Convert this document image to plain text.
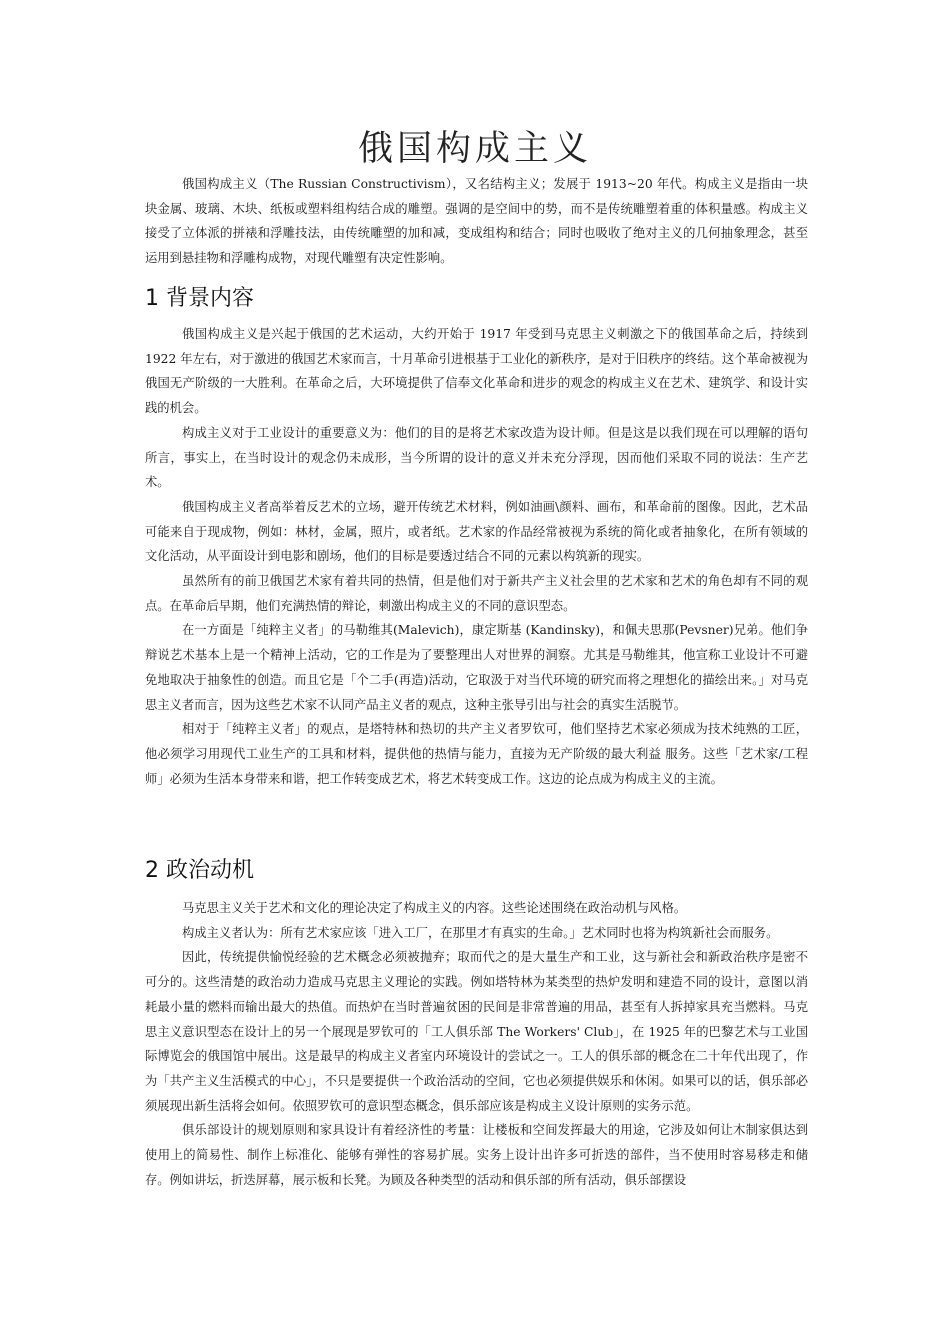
俄国构成主义

俄国构成主义（The Russian Constructivism），又名结构主义；发展于 1913~20 年代。构成主义是指由一块块金属、玻璃、木块、纸板或塑料组构结合成的雕塑。强调的是空间中的势，而不是传统雕塑着重的体积量感。构成主义接受了立体派的拼裱和浮雕技法，由传统雕塑的加和减，变成组构和结合；同时也吸收了绝对主义的几何抽象理念，甚至运用到悬挂物和浮雕构成物，对现代雕塑有决定性影响。

1 背景内容

俄国构成主义是兴起于俄国的艺术运动，大约开始于 1917 年受到马克思主义刺激之下的俄国革命之后，持续到 1922 年左右，对于激进的俄国艺术家而言，十月革命引进根基于工业化的新秩序，是对于旧秩序的终结。这个革命被视为俄国无产阶级的一大胜利。在革命之后，大环境提供了信奉文化革命和进步的观念的构成主义在艺术、建筑学、和设计实践的机会。

构成主义对于工业设计的重要意义为：他们的目的是将艺术家改造为设计师。但是这是以我们现在可以理解的语句所言，事实上，在当时设计的观念仍未成形，当今所谓的设计的意义并未充分浮现，因而他们采取不同的说法：生产艺术。

俄国构成主义者高举着反艺术的立场，避开传统艺术材料，例如油画\颜料、画布，和革命前的图像。因此，艺术品可能来自于现成物，例如：林材，金属，照片，或者纸。艺术家的作品经常被视为系统的简化或者抽象化，在所有领域的文化活动，从平面设计到电影和剧场，他们的目标是要透过结合不同的元素以构筑新的现实。

虽然所有的前卫俄国艺术家有着共同的热情，但是他们对于新共产主义社会里的艺术家和艺术的角色却有不同的观点。在革命后早期，他们充满热情的辩论，刺激出构成主义的不同的意识型态。

在一方面是「纯粹主义者」的马勒维其(Malevich)，康定斯基 (Kandinsky)，和佩夫思那(Pevsner)兄弟。他们争辩说艺术基本上是一个精神上活动，它的工作是为了要整理出人对世界的洞察。尤其是马勒维其，他宣称工业设计不可避免地取决于抽象性的创造。而且它是「个二手(再造)活动，它取汲于对当代环境的研究而将之理想化的描绘出来。」对马克思主义者而言，因为这些艺术家不认同产品主义者的观点，这种主张导引出与社会的真实生活脱节。

相对于「纯粹主义者」的观点，是塔特林和热切的共产主义者罗钦可，他们坚持艺术家必须成为技术纯熟的工匠，他必须学习用现代工业生产的工具和材料，提供他的热情与能力，直接为无产阶级的最大利益 服务。这些「艺术家/工程师」必须为生活本身带来和谐，把工作转变成艺术，将艺术转变成工作。这边的论点成为构成主义的主流。

2 政治动机

马克思主义关于艺术和文化的理论决定了构成主义的内容。这些论述围绕在政治动机与风格。

构成主义者认为：所有艺术家应该「进入工厂，在那里才有真实的生命。」艺术同时也将为构筑新社会而服务。

因此，传统提供愉悦经验的艺术概念必须被抛弃；取而代之的是大量生产和工业，这与新社会和新政治秩序是密不可分的。这些清楚的政治动力造成马克思主义理论的实践。例如塔特林为某类型的热炉发明和建造不同的设计，意图以消耗最小量的燃料而输出最大的热值。而热炉在当时普遍贫困的民间是非常普遍的用品，甚至有人拆掉家具充当燃料。马克思主义意识型态在设计上的另一个展现是罗钦可的「工人俱乐部 The Workers' Club」，在 1925 年的巴黎艺术与工业国际博览会的俄国馆中展出。这是最早的构成主义者室内环境设计的尝试之一。工人的俱乐部的概念在二十年代出现了，作为「共产主义生活模式的中心」，不只是要提供一个政治活动的空间，它也必须提供娱乐和休闲。如果可以的话，俱乐部必须展现出新生活将会如何。依照罗钦可的意识型态概念，俱乐部应该是构成主义设计原则的实务示范。

俱乐部设计的规划原则和家具设计有着经济性的考量：让楼板和空间发挥最大的用途，它涉及如何让木制家俱达到使用上的简易性、制作上标准化、能够有弹性的容易扩展。实务上设计出许多可折迭的部件，当不使用时容易移走和储存。例如讲坛，折迭屏幕，展示板和长凳。为顾及各种类型的活动和俱乐部的所有活动，俱乐部摆设
